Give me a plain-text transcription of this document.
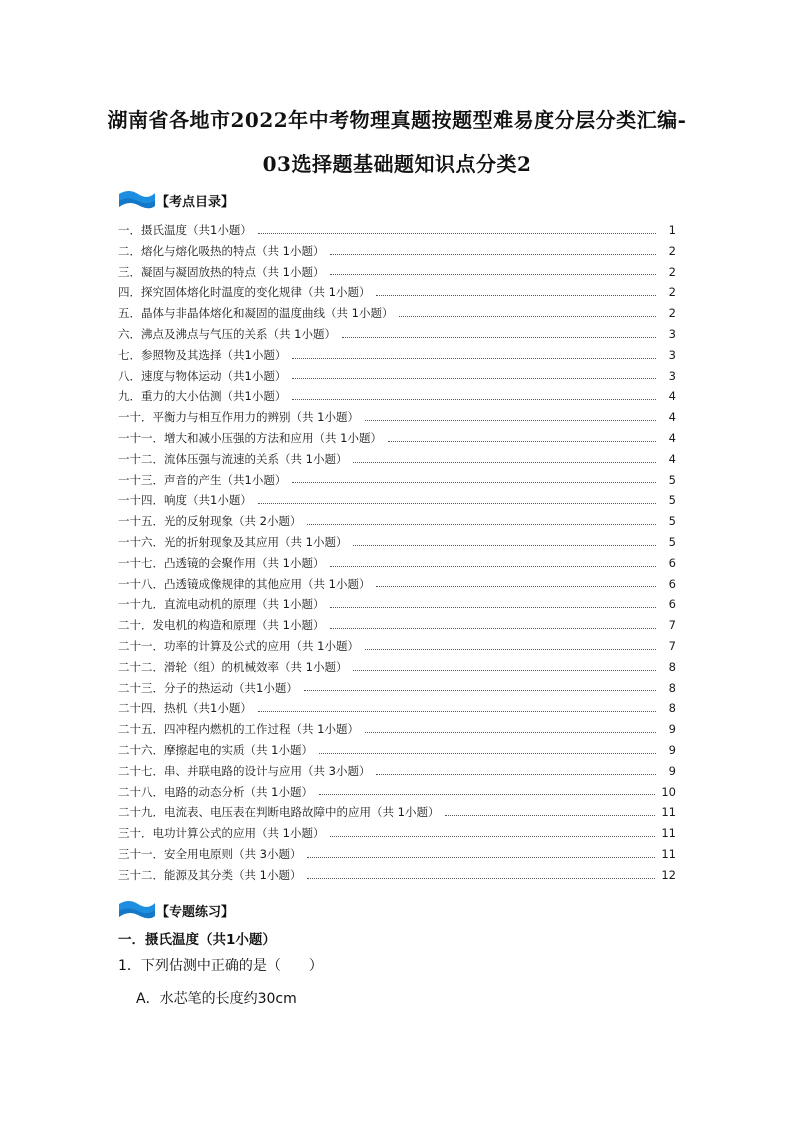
湖南省各地市2022年中考物理真题按题型难易度分层分类汇编-
03选择题基础题知识点分类2
【考点目录】
一．摄氏温度（共1小题）	1
二．熔化与熔化吸热的特点（共 1小题）	2
三．凝固与凝固放热的特点（共 1小题）	2
四．探究固体熔化时温度的变化规律（共 1小题）	2
五．晶体与非晶体熔化和凝固的温度曲线（共 1小题）	2
六．沸点及沸点与气压的关系（共 1小题）	3
七．参照物及其选择（共1小题）	3
八．速度与物体运动（共1小题）	3
九．重力的大小估测（共1小题）	4
一十．平衡力与相互作用力的辨别（共 1小题）	4
一十一．增大和减小压强的方法和应用（共 1小题）	4
一十二．流体压强与流速的关系（共 1小题）	4
一十三．声音的产生（共1小题）	5
一十四．响度（共1小题）	5
一十五．光的反射现象（共 2小题）	5
一十六．光的折射现象及其应用（共 1小题）	5
一十七．凸透镜的会聚作用（共 1小题）	6
一十八．凸透镜成像规律的其他应用（共 1小题）	6
一十九．直流电动机的原理（共 1小题）	6
二十．发电机的构造和原理（共 1小题）	7
二十一．功率的计算及公式的应用（共 1小题）	7
二十二．滑轮（组）的机械效率（共 1小题）	8
二十三．分子的热运动（共1小题）	8
二十四．热机（共1小题）	8
二十五．四冲程内燃机的工作过程（共 1小题）	9
二十六．摩擦起电的实质（共 1小题）	9
二十七．串、并联电路的设计与应用（共 3小题）	9
二十八．电路的动态分析（共 1小题）	10
二十九．电流表、电压表在判断电路故障中的应用（共 1小题）	11
三十．电功计算公式的应用（共 1小题）	11
三十一．安全用电原则（共 3小题）	11
三十二．能源及其分类（共 1小题）	12
【专题练习】
一．摄氏温度（共1小题）
1．下列估测中正确的是（　　）
A．水芯笔的长度约30cm
